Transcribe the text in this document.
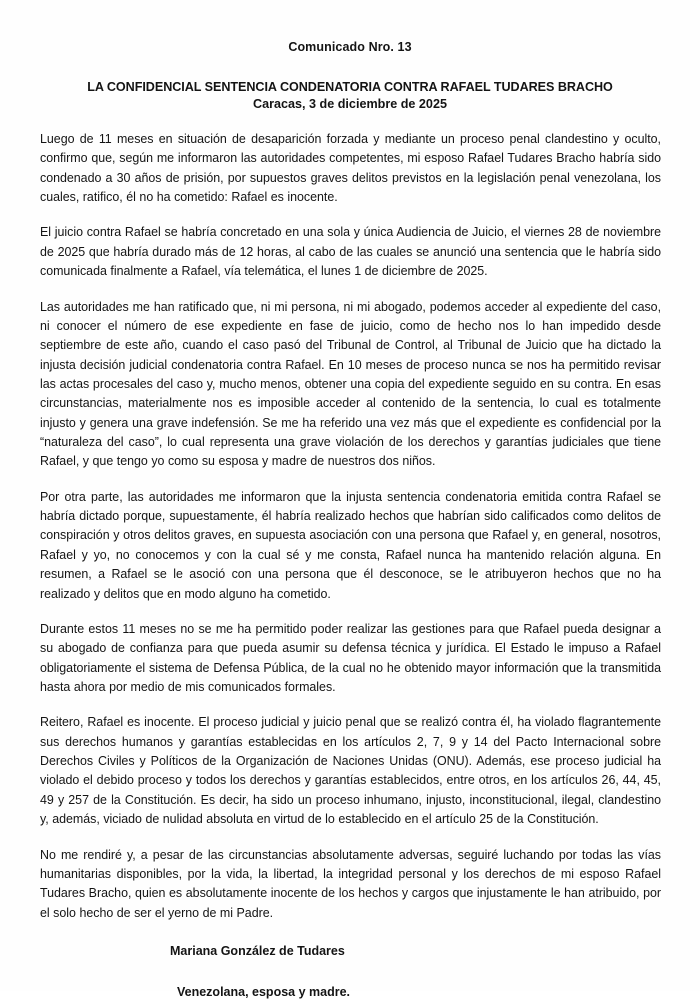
Comunicado Nro. 13

LA CONFIDENCIAL SENTENCIA CONDENATORIA CONTRA RAFAEL TUDARES BRACHO

Caracas, 3 de diciembre de 2025

Luego de 11 meses en situación de desaparición forzada y mediante un proceso penal clandestino y oculto, confirmo que, según me informaron las autoridades competentes, mi esposo Rafael Tudares Bracho habría sido condenado a 30 años de prisión, por supuestos graves delitos previstos en la legislación penal venezolana, los cuales, ratifico, él no ha cometido: Rafael es inocente.

El juicio contra Rafael se habría concretado en una sola y única Audiencia de Juicio, el viernes 28 de noviembre de 2025 que habría durado más de 12 horas, al cabo de las cuales se anunció una sentencia que le habría sido comunicada finalmente a Rafael, vía telemática, el lunes 1 de diciembre de 2025.

Las autoridades me han ratificado que, ni mi persona, ni mi abogado, podemos acceder al expediente del caso, ni conocer el número de ese expediente en fase de juicio, como de hecho nos lo han impedido desde septiembre de este año, cuando el caso pasó del Tribunal de Control, al Tribunal de Juicio que ha dictado la injusta decisión judicial condenatoria contra Rafael. En 10 meses de proceso nunca se nos ha permitido revisar las actas procesales del caso y, mucho menos, obtener una copia del expediente seguido en su contra. En esas circunstancias, materialmente nos es imposible acceder al contenido de la sentencia, lo cual es totalmente injusto y genera una grave indefensión. Se me ha referido una vez más que el expediente es confidencial por la “naturaleza del caso”, lo cual representa una grave violación de los derechos y garantías judiciales que tiene Rafael, y que tengo yo como su esposa y madre de nuestros dos niños.

Por otra parte, las autoridades me informaron que la injusta sentencia condenatoria emitida contra Rafael se habría dictado porque, supuestamente, él habría realizado hechos que habrían sido calificados como delitos de conspiración y otros delitos graves, en supuesta asociación con una persona que Rafael y, en general, nosotros, Rafael y yo, no conocemos y con la cual sé y me consta, Rafael nunca ha mantenido relación alguna. En resumen, a Rafael se le asoció con una persona que él desconoce, se le atribuyeron hechos que no ha realizado y delitos que en modo alguno ha cometido.

Durante estos 11 meses no se me ha permitido poder realizar las gestiones para que Rafael pueda designar a su abogado de confianza para que pueda asumir su defensa técnica y jurídica. El Estado le impuso a Rafael obligatoriamente el sistema de Defensa Pública, de la cual no he obtenido mayor información que la transmitida hasta ahora por medio de mis comunicados formales.

Reitero, Rafael es inocente. El proceso judicial y juicio penal que se realizó contra él, ha violado flagrantemente sus derechos humanos y garantías establecidas en los artículos 2, 7, 9 y 14 del Pacto Internacional sobre Derechos Civiles y Políticos de la Organización de Naciones Unidas (ONU). Además, ese proceso judicial ha violado el debido proceso y todos los derechos y garantías establecidos, entre otros, en los artículos 26, 44, 45, 49 y 257 de la Constitución. Es decir, ha sido un proceso inhumano, injusto, inconstitucional, ilegal, clandestino y, además, viciado de nulidad absoluta en virtud de lo establecido en el artículo 25 de la Constitución.

No me rendiré y, a pesar de las circunstancias absolutamente adversas, seguiré luchando por todas las vías humanitarias disponibles, por la vida, la libertad, la integridad personal y los derechos de mi esposo Rafael Tudares Bracho, quien es absolutamente inocente de los hechos y cargos que injustamente le han atribuido, por el solo hecho de ser el yerno de mi Padre.

Mariana González de Tudares

Venezolana, esposa y madre.
